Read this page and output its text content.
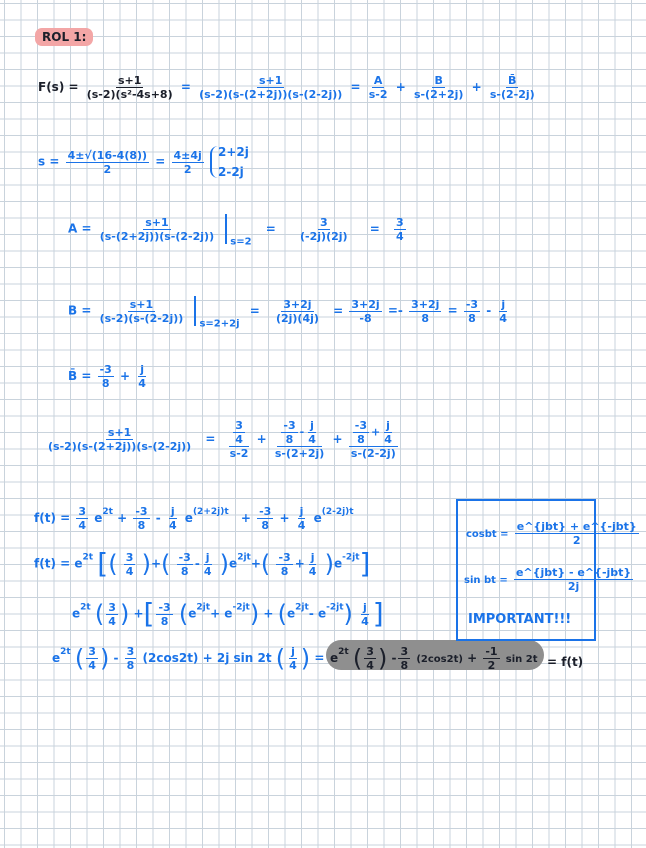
ROL 1:
$F(s) = \frac{s+1}{\text{(s-2)(s²-4s+8)}} = \frac{s+1}{(s-2)(s-(2+2j))(s-(2-2j))} = \frac{A}{s-2} + \frac{B}{s-(2+2j)} + \frac{B̄}{s-(2-2j)}$
$s = \frac{4\pm√(16-4(8))}{2} = \frac{4\pm 4j}{2}$
2+2j
2-2j
$A = \frac{s+1}{(s-(2+2j))(s-(2-2j))}$
$_{s=2} = \frac{3}{(-2j)(2j)} = \frac{3}{4}$
$B = \frac{s+1}{(s-2)(s-(2-2j))}$
$_{s=2+2j} = \frac{3+2j}{(2j)(4j)} = \frac{3+2j}{-8} =- \frac{3+2j}{8} = \frac{-3}{8} - \frac{j}{4}$
B̄ = $\frac{-3}{8} + \frac{j}{4}$
$\frac{s+1}{(s-2)(s-(2+2j))(s-(2-2j))} = \frac{\frac{3}{4}}{s-2} + \frac{\frac{-3}{8} - \frac{j}{4}}{s-(2+2j)} + \frac{\frac{-3}{8} + \frac{j}{4}}{s-(2-2j)}$
$f(t) = \frac{3}{4} e^{2t} + \frac{-3}{8} - \frac{j}{4} e^{(2+2j)t} + \frac{-3}{8} + \frac{j}{4} e^{(2-2j)t}$
$f(t) = e^{2t}$ [( $\frac{3}{4}$ )+( $\frac{-3}{8} - \frac{j}{4} )e^{2jt}+( \frac{-3}{8} + \frac{j}{4} )e^{-2jt}$]
$e^{2t}$ ( $\frac{3}{4}$ ) +[ $\frac{-3}{8} (e^{2jt}+ e^{-2jt}) + (e^{2jt}-$ $e^{-2jt}) \frac{j}{4}$ ]
$e^{2t}$ ( $\frac{3}{4}$ ) - $\frac{3}{8} (2\cos 2t) + 2j$ sin 2t ( $\frac{j}{4}$ ) = $e^{2t}$ ( $\frac{3}{4}$ ) - $\frac{3}{8} (2\cos 2t) + \frac{-1}{2}$ sin 2t = f(t)
cosbt = $\frac{\text{e\textasciicircum{}\{jbt\} + e\textasciicircum{}\{-jbt\}}}{2}$
sin bt = $\frac{\text{e\textasciicircum{}\{jbt\} - e\textasciicircum{}\{-jbt\}}}{2j}$
IMPORTANT!!!
